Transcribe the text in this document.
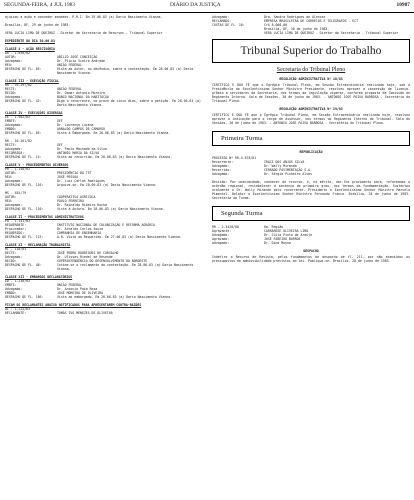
SEGUNDA-FEIRA, 4 JUL 1983	DIÁRIO DA JUSTIÇA	10987
ajuizou a ação e conceder mandato. P.R.I. Em 29.06.83 (a) Dario Nascimento Vianna.
Brasília, DF, 29 de junho de 1983.
VERA LÚCIA LIMA DE QUEIROZ - Diretor da Secretaria de Recursos - Tribunal Superior
EXPEDIENTE DO DIA 30.06.83
CLASSE 4 - AÇÃO RESCISÓRIA
AR - 1.050/82
AUTOR:	ABÍLIO JOSÉ CONCEIÇÃO
Advogado:	Dr. Plínio Vieira Andrade
RÉU:	UNIÃO FEDERAL
DESPACHO DE FL. 65:	Vista ao Autor, no decêndio, sobre a contestação. Em 28.06.83 (a) Dario Nascimento Vianna.
CLASSE III - EXECUÇÃO FISCAL
RR - 10.297/82
RECTE:	UNIÃO FEDERAL
RECDO:	Dr. Osmar Antonio Moreira
Advogado:	BANCO NACIONAL DA HABITAÇÃO
DESPACHO DE FL. 42:	Diga o recorrente, no prazo de cinco dias, sobre a petição. Em 28.06.83 (a) Dario Nascimento Vianna.
CLASSE IV - EXECUÇÕES DIVERSAS
EE - 1.402/83
EMBTE:	GEF
Advogado:	Dr. Lourenço Lucena
EMBDO:	ARNALDO CAMPOS DE CAMARGO
DESPACHO DE FL. 65:	Vista à Embargada. Em 28.06.83 (a) Dario Nascimento Vianna.
RR - 10.261/82
RECTE:	GEF
Advogado:	Dr. Paulo Machado da Silva
RECORRIDA:	ANTONIO MARIA DA SILVA
DESPACHO DE FL. 14:	Vista ao recorrido. Em 28.06.83 (a) Dario Nascimento Vianna.
CLASSE V - PROCEDIMENTOS DIVERSOS
PR - 1.140/83
AUTOR:	PRESIDÊNCIA DO TST
RÉU:	JOSÉ PESSOA
Advogado:	Dr. Luiz Carlos Rodrigues
DESPACHO DE FL. 116:	Arquive-se. Em 28.06.83 (a) Dario Nascimento Vianna.
MS - 455/79
AUTOR:	COOPERATIVA AGRÍCOLA
RÉU:	PAULO FERREIRA
Advogado:	Dr. Reinaldo Ribeiro Rocha
DESPACHO DE FL. 110:	Vista à Autora. Em 28.06.83 (a) Dario Nascimento Vianna.
CLASSE II - PROCEDIMENTOS ADMINISTRATIVOS
PA - 1.141/83
REQUERENTE:	INSTITUTO NACIONAL DE COLONIZAÇÃO E REFORMA AGRÁRIA
Procurador:	Dr. Arnaldo Carlos Souza
REQUERIDO:	COMPANHIA DE ENGENHARIA
DESPACHO DE FL. 115:	A.R. Vista ao Requerido. Em 27.06.83 (a) Dario Nascimento Vianna.
CLASSE XI - RECLAMAÇÃO TRABALHISTA
RT - 118/83
RECTE:	JOSÉ PEDRO RODRIGUES DE CARVALHO
Advogado:	Dr. Ulisses Riedel de Resende
RECDO:	SUPERINTENDÊNCIA DO DESENVOLVIMENTO DO NORDESTE
DESPACHO DE FL. 48:	Intime-se o reclamante da contestação. Em 28.06.83 (a) Dario Nascimento Vianna.
CLASSE XII - EMBARGOS DECLARATÓRIOS
ED - 1.230/83
EMBTE:	UNIÃO FEDERAL
Advogado:	Dr. Antonio Paim Rosa
EMBDO:	JOSÉ MOREIRA DE OLIVEIRA
DESPACHO DE FL. 186:	Vista ao embargado. Em 28.06.83 (a) Dario Nascimento Vianna.
FICAM OS RECLAMANTES ABAIXO NOTIFICADOS PARA APRESENTAREM CONTRA-RAZÕES
AI - 1.224/83
RECLAMANTE:	TOMÁS IVO MENEZES DE OLIVEIRA
Advogado:	Dra. Sandra Rodrigues de Alencar
RECLAMADO:	EMPRESA BRASILEIRA DE CORREIOS E TELÉGRAFOS - ECT
CUSTAS DE FL. 10:	Cr$ 8.000,00
Brasília, DF, 30 de junho de 1983.
VERA LÚCIA LIMA DE QUEIROZ - Diretor da Secretaria - Tribunal Superior
Tribunal Superior do Trabalho
Secretaria do Tribunal Pleno
RESOLUÇÃO ADMINISTRATIVA Nº 18/83
CERTIFICO E DOU FÉ que o Egrégio Tribunal Pleno, em Sessão Extraordinária realizada hoje, sob a Presidência do Excelentíssimo Senhor Ministro Presidente, resolveu aprovar a concessão de licença-prêmio a servidores da Secretaria, nos termos da legislação vigente, conforme proposta da Comissão de Regimento Interno. Sala de Sessões, 30 de junho de 1983. - ANTONIO JOSÉ PAIVA BARBOSA - Secretário do Tribunal Pleno.
RESOLUÇÃO ADMINISTRATIVA Nº 19/83
CERTIFICO E DOU FÉ que o Egrégio Tribunal Pleno, em Sessão Extraordinária realizada hoje, resolveu aprovar a indicação para o cargo de Assessor, nos termos do Regimento Interno do Tribunal. Sala de Sessões, 30 de junho de 1983. - ANTONIO JOSÉ PAIVA BARBOSA - Secretário do Tribunal Pleno.
Primeira Turma
REPUBLICAÇÃO
PROCESSO Nº RR-4.678/81
Recorrente:	IRACI DOS ANJOS SILVA
Advogado:	Dr. Wally Miranda
Recorrido:	CERRADO PAVIMENTAÇÃO S.A.
Advogado:	Dr. Sérgio Pinheiro Alves
Decisão: Por unanimidade, conhecer do recurso, e, no mérito, dar-lhe provimento para, reformando o acórdão regional, restabelecer a sentença de primeiro grau, nos termos da fundamentação. Sustentou oralmente o Dr. Wally Miranda pelo recorrente. Presidente o Excelentíssimo Senhor Ministro Marcelo Pimentel. Relator o Excelentíssimo Senhor Ministro Fernando Franco. Brasília, 28 de junho de 1983. Secretaria da Turma.
Segunda Turma
RR - 2.3428/80	6a. Região
Agravante:	CARRARESE OLIVEIRA LIMA
Advogado:	Dr. Júlio Pinto de Araújo
Agravado:	JOSÉ RIBEIRO BARROS
Advogado:	Dr. Dino Moyna
DESPACHO
Indefiro o Recurso de Revista, pelos fundamentos do despacho de fl. 211, por não atendidos os pressupostos de admissibilidade previstos em lei. Publique-se. Brasília, 28 de junho de 1983.
